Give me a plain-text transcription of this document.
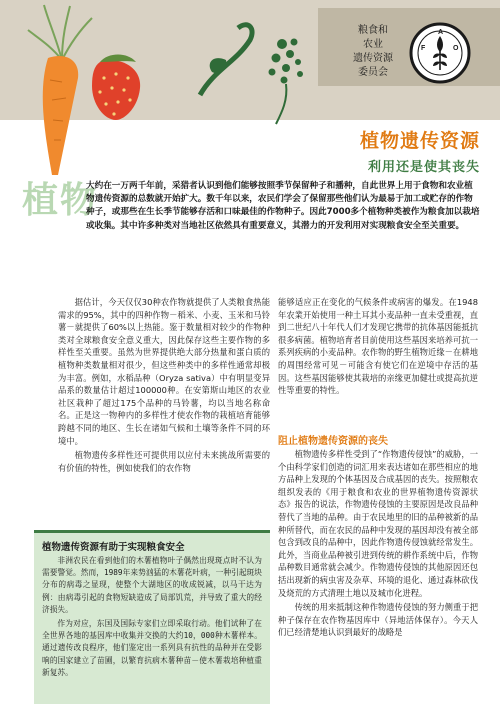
粮食和
农业
遗传资源
委员会
F	O
A
植物遗传资源
利用还是使其丧失
植物
大约在一万两千年前，采猎者认识到他们能够按照季节保留种子和播种，自此世界上用于食物和农业植物遗传资源的总数就开始扩大。数千年以来，农民们学会了保留那些他们认为最易于加工或贮存的作物种子，或那些在生长季节能够存活和口味最佳的作物种子。因此7000多个植物种类被作为粮食加以栽培或收集。其中许多种类对当地社区依然具有重要意义，其潜力的开发利用对实现粮食安全至关重要。

据估计，今天仅仅30种农作物就提供了人类粮食热能需求的95%，其中的四种作物－稻米、小麦、玉米和马铃薯－就提供了60%以上热能。鉴于数量相对较少的作物种类对全球粮食安全意义重大，因此保存这些主要作物的多样性至关重要。虽然为世界提供绝大部分热量和蛋白质的植物种类数量相对很少，但这些种类中的多样性通常却极为丰富。例如，水稻品种（Oryza sativa）中有明显变异品系的数量估计超过100000种。在安第斯山地区的农业社区栽种了超过175个品种的马铃薯，均以当地名称命名。正是这一物种内的多样性才使农作物的栽植培育能够跨越不同的地区、生长在诸如气候和土壤等条件不同的环境中。

植物遗传多样性还可提供用以应付未来挑战所需要的有价值的特性，例如使我们的农作物

能够适应正在变化的气候条件或病害的爆发。在1948年农業开始使用一种土耳其小麦品种一直未受重视，直到二世纪八十年代人们才发现它携带的抗体基因能抵抗很多病菌。植物培育者目前使用这些基因来培养可抗一系列疾病的小麦品种。农作物的野生植物近缘－在耕地的周围经常可见－可能含有使它们在逆境中存活的基因。这些基因能够使其栽培的亲缘更加健壮或提高抗逆性等重要的特性。

阻止植物遗传资源的丧失

植物遗传多样性受到了“作物遗传侵蚀”的威胁，一个由科学家们创造的词汇用来表达诸如在那些相应的地方品种上发现的个体基因及合成基因的丧失。按照粮农组织发表的《用于粮食和农业的世界植物遗传资源状态》报告的说法，作物遗传侵蚀的主要原因是改良品种替代了当地的品种。由于农民地里的旧的品种被新的品种所替代，而在农民的品种中发现的基因却没有被全部包含到改良的品种中，因此作物遗传侵蚀就经常发生。此外，当商业品种被引进到传统的耕作系统中后，作物品种数目通常就会减少。作物遗传侵蚀的其他原因还包括出现新的病虫害及杂草、环境的退化、通过森林砍伐及烧荒的方式清理土地以及城市化进程。

传统的用来抵制这种作物遗传侵蚀的努力侧重于把种子保存在农作物基因库中（异地活体保存）。今天人们已经清楚地认识到最好的战略是

植物遗传资源有助于实现粮食安全

非洲农民在看到他们的木薯植物叶子偶然出现斑点时不认为需要警觉。然而，1989年来势汹猛的木薯花叶病，一种引起斑块分布的病毒之显现，使整个大湖地区的收成锐减，以马干达为例：由病毒引起的食物短缺造成了局部饥荒，并导致了重大的经济损失。

作为对应，东国及国际专家们立即采取行动。他们试种了在全世界各地的基因库中收集并交换的大约10，000种木薯样本。通过遗传改良程序，他们鉴定出一系列具有抗性的品种并在受影响的国家建立了苗圃，以繁育抗病木薯种苗－使木薯栽培种植重新复苏。
